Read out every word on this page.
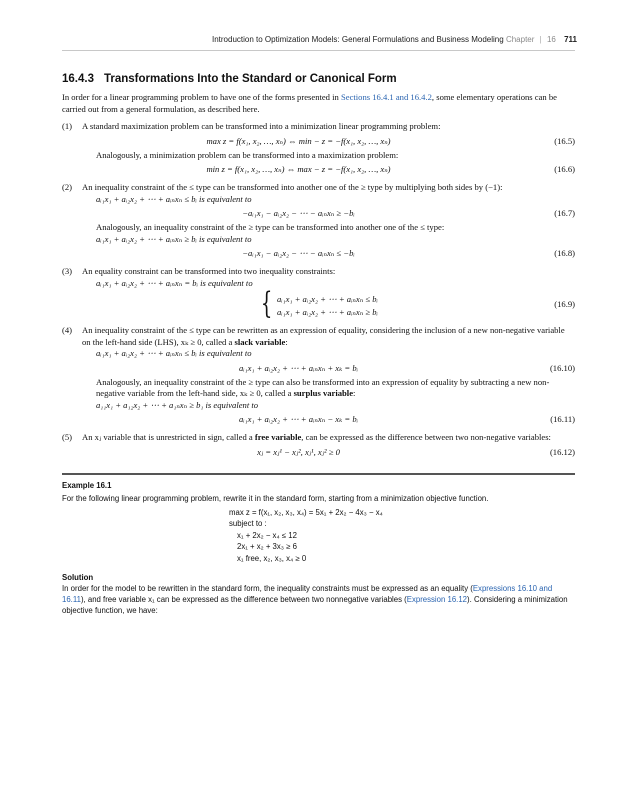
Introduction to Optimization Models: General Formulations and Business Modeling Chapter | 16 711
16.4.3 Transformations Into the Standard or Canonical Form

In order for a linear programming problem to have one of the forms presented in Sections 16.4.1 and 16.4.2, some elementary operations can be carried out from a general formulation, as described here.

(1) A standard maximization problem can be transformed into a minimization linear programming problem:

max z = f(x₁, x₂, …, xₙ) ⇔ min − z = −f(x₁, x₂, …, xₙ)	(16.5)

Analogously, a minimization problem can be transformed into a maximization problem:

min z = f(x₁, x₂, …, xₙ) ⇔ max − z = −f(x₁, x₂, …, xₙ)	(16.6)
(2) An inequality constraint of the ≤ type can be transformed into another one of the ≥ type by multiplying both sides by (−1):

aᵢ₁x₁ + aᵢ₂x₂ + ⋯ + aᵢₙxₙ ≤ bᵢ is equivalent to

−aᵢ₁x₁ − aᵢ₂x₂ − ⋯ − aᵢₙxₙ ≥ −bᵢ	(16.7)

Analogously, an inequality constraint of the ≥ type can be transformed into another one of the ≤ type:

aᵢ₁x₁ + aᵢ₂x₂ + ⋯ + aᵢₙxₙ ≥ bᵢ is equivalent to

−aᵢ₁x₁ − aᵢ₂x₂ − ⋯ − aᵢₙxₙ ≤ −bᵢ	(16.8)
(3) An equality constraint can be transformed into two inequality constraints:

aᵢ₁x₁ + aᵢ₂x₂ + ⋯ + aᵢₙxₙ = bᵢ is equivalent to

{ aᵢ₁x₁ + aᵢ₂x₂ + ⋯ + aᵢₙxₙ ≤ bᵢ
aᵢ₁x₁ + aᵢ₂x₂ + ⋯ + aᵢₙxₙ ≥ bᵢ
(16.9)
(4) An inequality constraint of the ≤ type can be rewritten as an expression of equality, considering the inclusion of a new non-negative variable on the left-hand side (LHS), xₖ ≥ 0, called a slack variable:

aᵢ₁x₁ + aᵢ₂x₂ + ⋯ + aᵢₙxₙ ≤ bᵢ is equivalent to

aᵢ₁x₁ + aᵢ₂x₂ + ⋯ + aᵢₙxₙ + xₖ = bᵢ	(16.10)

Analogously, an inequality constraint of the ≥ type can also be transformed into an expression of equality by subtracting a new non-negative variable from the left-hand side, xₖ ≥ 0, called a surplus variable:

a₁₁x₁ + a₁₂x₂ + ⋯ + a₁ₙxₙ ≥ b₁ is equivalent to

aᵢ₁x₁ + aᵢ₂x₂ + ⋯ + aᵢₙxₙ − xₖ = bᵢ	(16.11)
(5) An xⱼ variable that is unrestricted in sign, called a free variable, can be expressed as the difference between two non-negative variables:

xⱼ = xⱼ¹ − xⱼ², xⱼ¹, xⱼ² ≥ 0	(16.12)
Example 16.1
For the following linear programming problem, rewrite it in the standard form, starting from a minimization objective function.
max z = f(x₁, x₂, x₃, x₄) = 5x₁ + 2x₂ − 4x₃ − x₄
subject to :
x₁ + 2x₂ − x₄ ≤ 12
2x₁ + x₂ + 3x₃ ≥ 6
x₁ free, x₂, x₃, x₄ ≥ 0
Solution
In order for the model to be rewritten in the standard form, the inequality constraints must be expressed as an equality (Expressions 16.10 and 16.11), and free variable x₁ can be expressed as the difference between two nonnegative variables (Expression 16.12). Considering a minimization objective function, we have:
